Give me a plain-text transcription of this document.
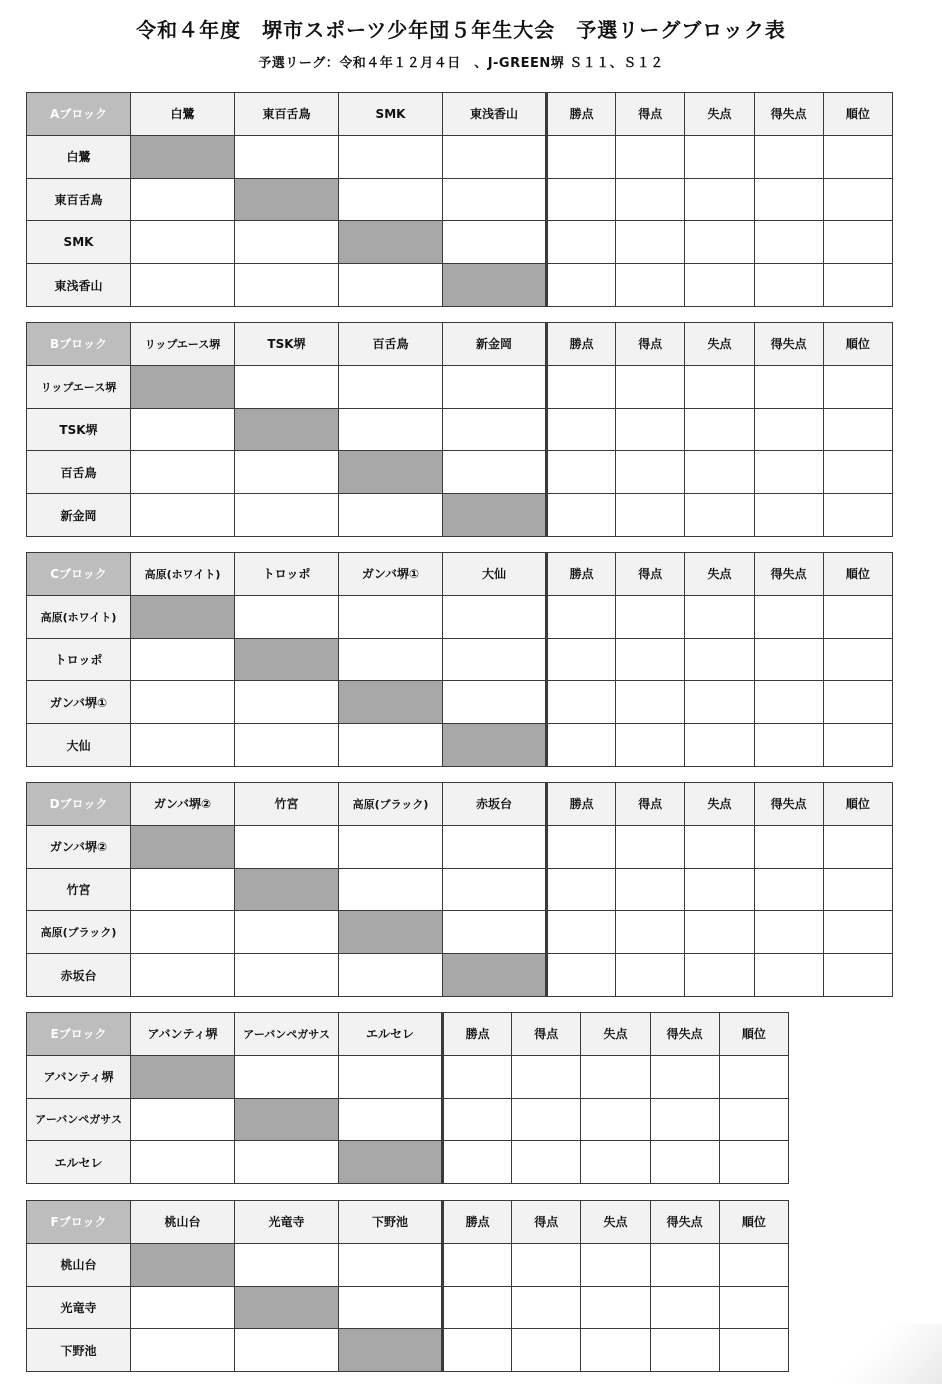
令和４年度　堺市スポーツ少年団５年生大会　予選リーグブロック表
予選リーグ：令和４年１２月４日　、J-GREEN堺 Ｓ１１、Ｓ１２
Aブロック	白鷺	東百舌鳥	SMK	東浅香山	勝点	得点	失点	得失点	順位
白鷺									
東百舌鳥									
SMK									
東浅香山									
Bブロック	リップエース堺	TSK堺	百舌鳥	新金岡	勝点	得点	失点	得失点	順位
リップエース堺									
TSK堺									
百舌鳥									
新金岡									
Cブロック	高原(ホワイト)	トロッポ	ガンバ堺①	大仙	勝点	得点	失点	得失点	順位
高原(ホワイト)									
トロッポ									
ガンバ堺①									
大仙									
Dブロック	ガンバ堺②	竹宮	高原(ブラック)	赤坂台	勝点	得点	失点	得失点	順位
ガンバ堺②									
竹宮									
高原(ブラック)									
赤坂台									
Eブロック	アバンティ堺	アーバンペガサス	エルセレ	勝点	得点	失点	得失点	順位
アバンティ堺								
アーバンペガサス								
エルセレ								
Fブロック	桃山台	光竜寺	下野池	勝点	得点	失点	得失点	順位
桃山台								
光竜寺								
下野池								
